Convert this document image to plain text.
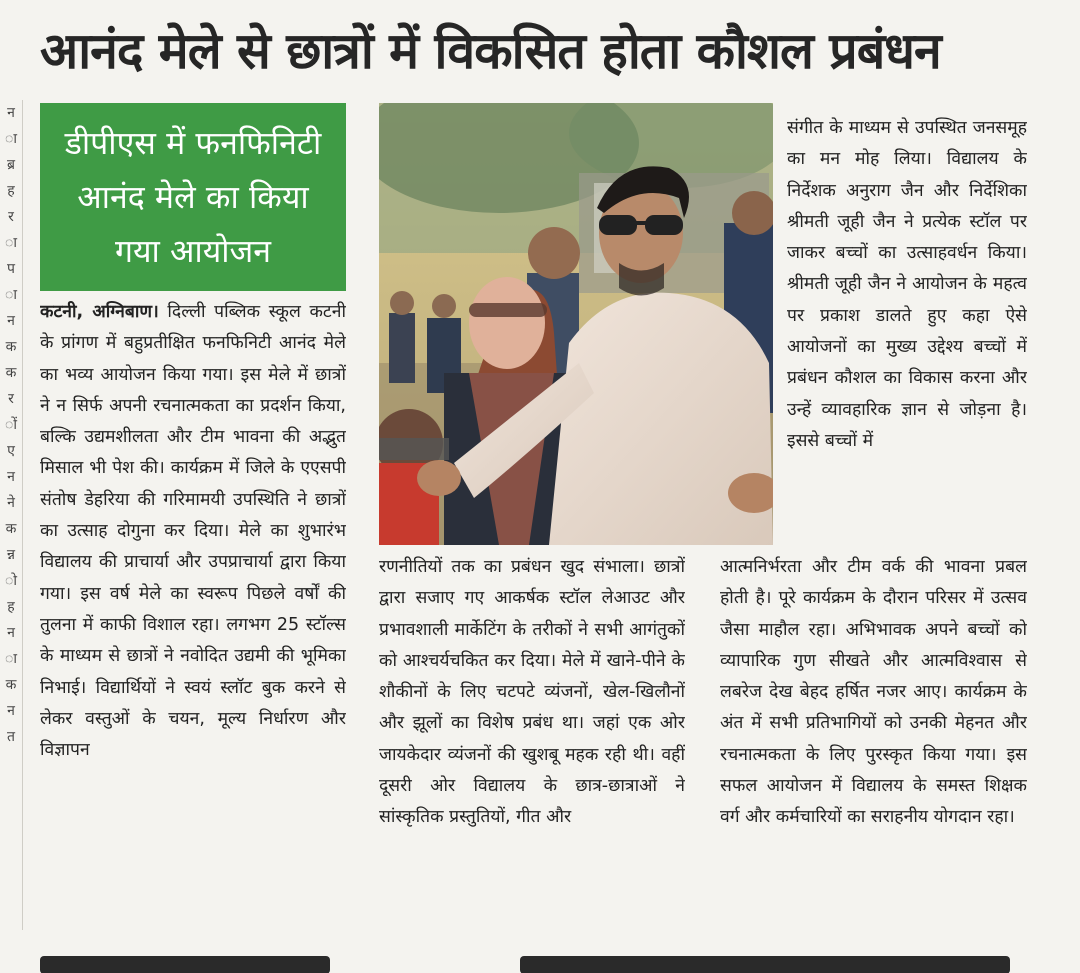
न
ा
ब्र
ह
र
ा
प
ा
न
क
क
र
ों
ए
न
ने
क
न्न
ो
ह
न
ा
क
न
त
आनंद मेले से छात्रों में विकसित होता कौशल प्रबंधन
डीपीएस में फनफिनिटी आनंद मेले का किया गया आयोजन

कटनी, अग्निबाण। दिल्ली पब्लिक स्कूल कटनी के प्रांगण में बहुप्रतीक्षित फनफिनिटी आनंद मेले का भव्य आयोजन किया गया। इस मेले में छात्रों ने न सिर्फ अपनी रचनात्मकता का प्रदर्शन किया, बल्कि उद्यमशीलता और टीम भावना की अद्भुत मिसाल भी पेश की। कार्यक्रम में जिले के एएसपी संतोष डेहरिया की गरिमामयी उपस्थिति ने छात्रों का उत्साह दोगुना कर दिया। मेले का शुभारंभ विद्यालय की प्राचार्या और उपप्राचार्या द्वारा किया गया। इस वर्ष मेले का स्वरूप पिछले वर्षों की तुलना में काफी विशाल रहा। लगभग 25 स्टॉल्स के माध्यम से छात्रों ने नवोदित उद्यमी की भूमिका निभाई। विद्यार्थियों ने स्वयं स्लॉट बुक करने से लेकर वस्तुओं के चयन, मूल्य निर्धारण और विज्ञापन

संगीत के माध्यम से उपस्थित जनसमूह का मन मोह लिया। विद्यालय के निर्देशक अनुराग जैन और निर्देशिका श्रीमती जूही जैन ने प्रत्येक स्टॉल पर जाकर बच्चों का उत्साहवर्धन किया। श्रीमती जूही जैन ने आयोजन के महत्व पर प्रकाश डालते हुए कहा ऐसे आयोजनों का मुख्य उद्देश्य बच्चों में प्रबंधन कौशल का विकास करना और उन्हें व्यावहारिक ज्ञान से जोड़ना है। इससे बच्चों में

रणनीतियों तक का प्रबंधन खुद संभाला। छात्रों द्वारा सजाए गए आकर्षक स्टॉल लेआउट और प्रभावशाली मार्केटिंग के तरीकों ने सभी आगंतुकों को आश्चर्यचकित कर दिया। मेले में खाने-पीने के शौकीनों के लिए चटपटे व्यंजनों, खेल-खिलौनों और झूलों का विशेष प्रबंध था। जहां एक ओर जायकेदार व्यंजनों की खुशबू महक रही थी। वहीं दूसरी ओर विद्यालय के छात्र-छात्राओं ने सांस्कृतिक प्रस्तुतियों, गीत और

आत्मनिर्भरता और टीम वर्क की भावना प्रबल होती है। पूरे कार्यक्रम के दौरान परिसर में उत्सव जैसा माहौल रहा। अभिभावक अपने बच्चों को व्यापारिक गुण सीखते और आत्मविश्वास से लबरेज देख बेहद हर्षित नजर आए। कार्यक्रम के अंत में सभी प्रतिभागियों को उनकी मेहनत और रचनात्मकता के लिए पुरस्कृत किया गया। इस सफल आयोजन में विद्यालय के समस्त शिक्षक वर्ग और कर्मचारियों का सराहनीय योगदान रहा।
